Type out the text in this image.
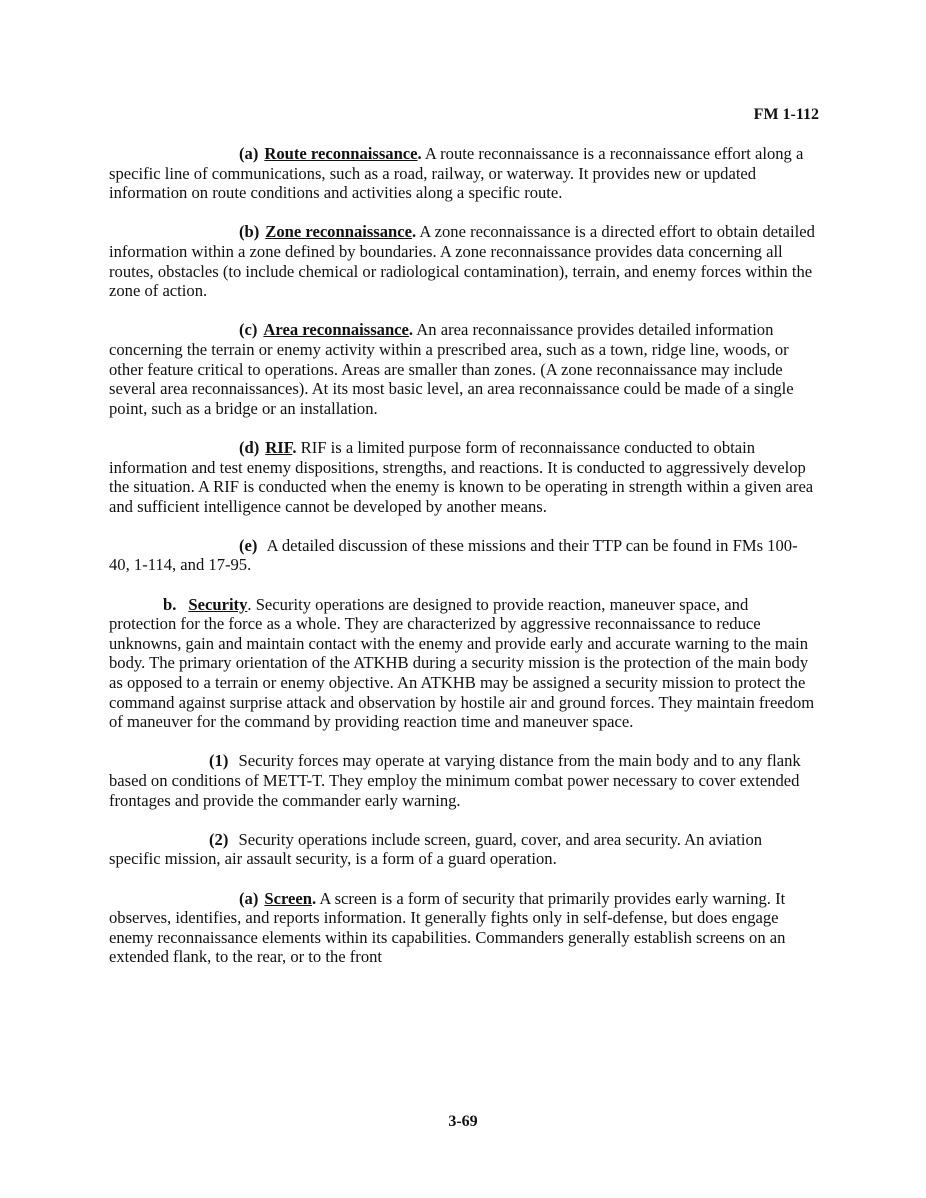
FM 1-112

(a) Route reconnaissance. A route reconnaissance is a reconnaissance effort along a specific line of communications, such as a road, railway, or waterway. It provides new or updated information on route conditions and activities along a specific route.

(b) Zone reconnaissance. A zone reconnaissance is a directed effort to obtain detailed information within a zone defined by boundaries. A zone reconnaissance provides data concerning all routes, obstacles (to include chemical or radiological contamination), terrain, and enemy forces within the zone of action.

(c) Area reconnaissance. An area reconnaissance provides detailed information concerning the terrain or enemy activity within a prescribed area, such as a town, ridge line, woods, or other feature critical to operations. Areas are smaller than zones. (A zone reconnaissance may include several area reconnaissances). At its most basic level, an area reconnaissance could be made of a single point, such as a bridge or an installation.

(d) RIF. RIF is a limited purpose form of reconnaissance conducted to obtain information and test enemy dispositions, strengths, and reactions. It is conducted to aggressively develop the situation. A RIF is conducted when the enemy is known to be operating in strength within a given area and sufficient intelligence cannot be developed by another means.

(e) A detailed discussion of these missions and their TTP can be found in FMs 100-40, 1-114, and 17-95.

b. Security. Security operations are designed to provide reaction, maneuver space, and protection for the force as a whole. They are characterized by aggressive reconnaissance to reduce unknowns, gain and maintain contact with the enemy and provide early and accurate warning to the main body. The primary orientation of the ATKHB during a security mission is the protection of the main body as opposed to a terrain or enemy objective. An ATKHB may be assigned a security mission to protect the command against surprise attack and observation by hostile air and ground forces. They maintain freedom of maneuver for the command by providing reaction time and maneuver space.

(1) Security forces may operate at varying distance from the main body and to any flank based on conditions of METT-T. They employ the minimum combat power necessary to cover extended frontages and provide the commander early warning.

(2) Security operations include screen, guard, cover, and area security. An aviation specific mission, air assault security, is a form of a guard operation.

(a) Screen. A screen is a form of security that primarily provides early warning. It observes, identifies, and reports information. It generally fights only in self-defense, but does engage enemy reconnaissance elements within its capabilities. Commanders generally establish screens on an extended flank, to the rear, or to the front

3-69
